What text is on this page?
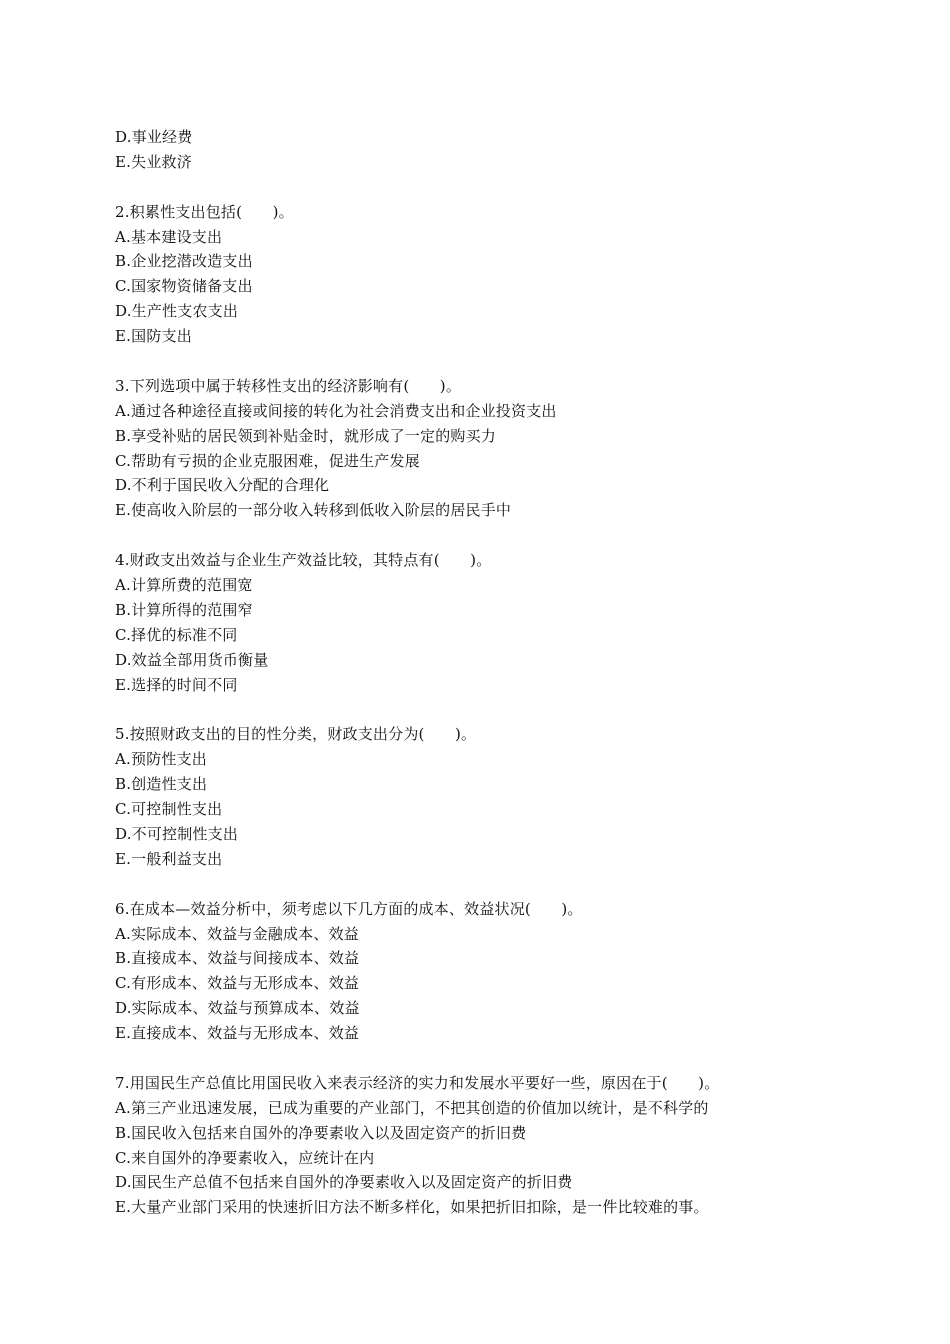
D.事业经费
E.失业救济
2.积累性支出包括(　　)。
A.基本建设支出
B.企业挖潜改造支出
C.国家物资储备支出
D.生产性支农支出
E.国防支出
3.下列选项中属于转移性支出的经济影响有(　　)。
A.通过各种途径直接或间接的转化为社会消费支出和企业投资支出
B.享受补贴的居民领到补贴金时，就形成了一定的购买力
C.帮助有亏损的企业克服困难，促进生产发展
D.不利于国民收入分配的合理化
E.使高收入阶层的一部分收入转移到低收入阶层的居民手中
4.财政支出效益与企业生产效益比较，其特点有(　　)。
A.计算所费的范围宽
B.计算所得的范围窄
C.择优的标准不同
D.效益全部用货币衡量
E.选择的时间不同
5.按照财政支出的目的性分类，财政支出分为(　　)。
A.预防性支出
B.创造性支出
C.可控制性支出
D.不可控制性支出
E.一般利益支出
6.在成本—效益分析中，须考虑以下几方面的成本、效益状况(　　)。
A.实际成本、效益与金融成本、效益
B.直接成本、效益与间接成本、效益
C.有形成本、效益与无形成本、效益
D.实际成本、效益与预算成本、效益
E.直接成本、效益与无形成本、效益
7.用国民生产总值比用国民收入来表示经济的实力和发展水平要好一些，原因在于(　　)。
A.第三产业迅速发展，已成为重要的产业部门，不把其创造的价值加以统计，是不科学的
B.国民收入包括来自国外的净要素收入以及固定资产的折旧费
C.来自国外的净要素收入，应统计在内
D.国民生产总值不包括来自国外的净要素收入以及固定资产的折旧费
E.大量产业部门采用的快速折旧方法不断多样化，如果把折旧扣除，是一件比较难的事。
